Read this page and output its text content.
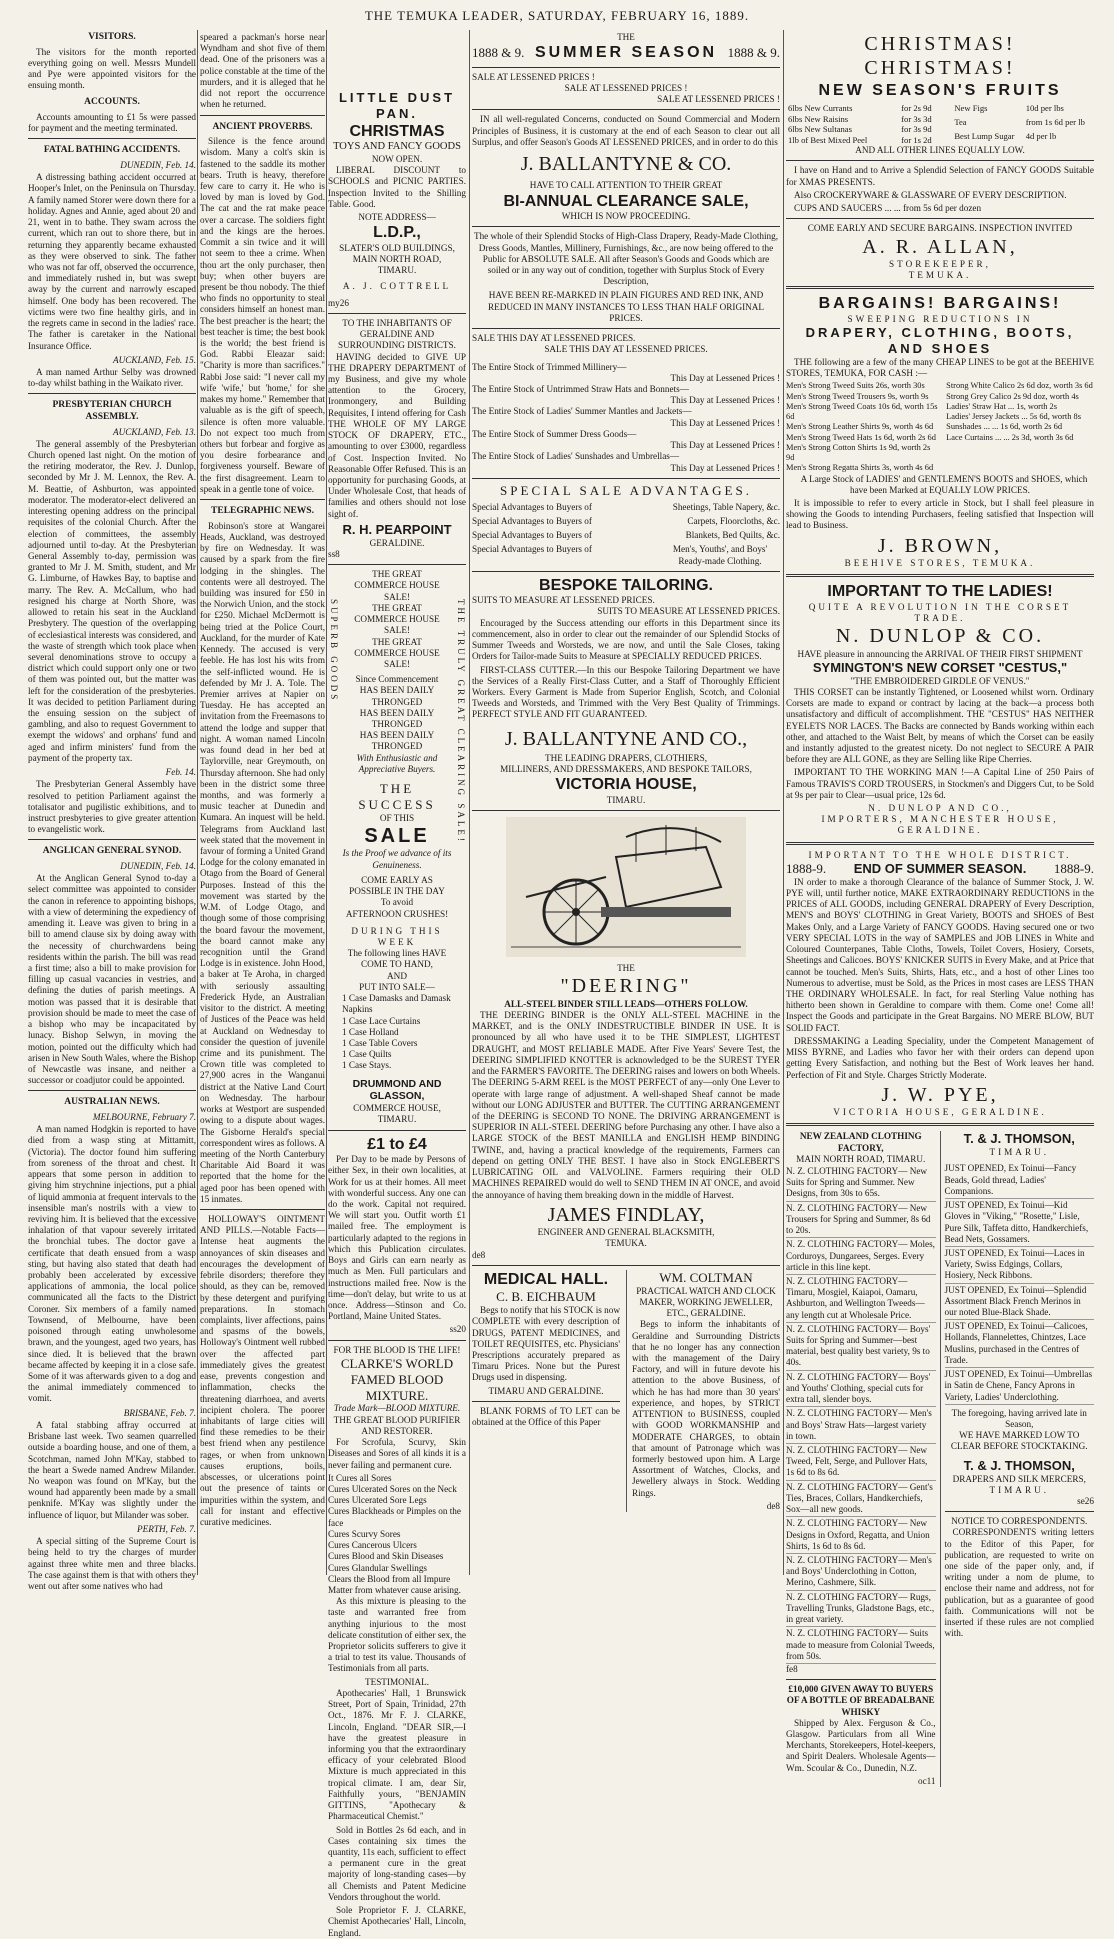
THE TEMUKA LEADER, SATURDAY, FEBRUARY 16, 1889.
VISITORS.

The visitors for the month reported everything going on well. Messrs Mundell and Pye were appointed visitors for the ensuing month.

ACCOUNTS.

Accounts amounting to £1 5s were passed for payment and the meeting terminated.

FATAL BATHING ACCIDENTS.
DUNEDIN, Feb. 14.

A distressing bathing accident occurred at Hooper's Inlet, on the Peninsula on Thursday. A family named Storer were down there for a holiday. Agnes and Annie, aged about 20 and 21, went in to bathe. They swam across the current, which ran out to shore there, but in returning they apparently became exhausted as they were observed to sink. The father who was not far off, observed the occurrence, and immediately rushed in, but was swept away by the current and narrowly escaped himself. One body has been recovered. The victims were two fine healthy girls, and in the regrets came in second in the ladies' race. The father is caretaker in the National Insurance Office.

AUCKLAND, Feb. 15.

A man named Arthur Selby was drowned to-day whilst bathing in the Waikato river.

PRESBYTERIAN CHURCH ASSEMBLY.
AUCKLAND, Feb. 13.

The general assembly of the Presbyterian Church opened last night. On the motion of the retiring moderator, the Rev. J. Dunlop, seconded by Mr J. M. Lennox, the Rev. A. M. Beattie, of Ashburton, was appointed moderator. The moderator-elect delivered an interesting opening address on the principal requisites of the colonial Church. After the election of committees, the assembly adjourned until to-day. At the Presbyterian General Assembly to-day, permission was granted to Mr J. M. Smith, student, and Mr G. Limburne, of Hawkes Bay, to baptise and marry. The Rev. A. McCallum, who had resigned his charge at North Shore, was allowed to retain his seat in the Auckland Presbytery. The question of the overlapping of ecclesiastical interests was considered, and the waste of strength which took place when several denominations strove to occupy a district which could support only one or two of them was pointed out, but the matter was left for the consideration of the presbyteries. It was decided to petition Parliament during the ensuing session on the subject of gambling, and also to request Government to exempt the widows' and orphans' fund and aged and infirm ministers' fund from the payment of the property tax.

Feb. 14.

The Presbyterian General Assembly have resolved to petition Parliament against the totalisator and pugilistic exhibitions, and to instruct presbyteries to give greater attention to evangelistic work.

ANGLICAN GENERAL SYNOD.
DUNEDIN, Feb. 14.

At the Anglican General Synod to-day a select committee was appointed to consider the canon in reference to appointing bishops, with a view of determining the expediency of amending it. Leave was given to bring in a bill to amend clause six by doing away with the necessity of churchwardens being residents within the parish. The bill was read a first time; also a bill to make provision for filling up casual vacancies in vestries, and defining the duties of parish meetings. A motion was passed that it is desirable that provision should be made to meet the case of a bishop who may be incapacitated by lunacy. Bishop Selwyn, in moving the motion, pointed out the difficulty which had arisen in New South Wales, where the Bishop of Newcastle was insane, and neither a successor or coadjutor could be appointed.

AUSTRALIAN NEWS.
MELBOURNE, February 7.

A man named Hodgkin is reported to have died from a wasp sting at Mittamitt, (Victoria). The doctor found him suffering from soreness of the throat and chest. It appears that some person in addition to giving him strychnine injections, put a phial of liquid ammonia at frequent intervals to the insensible man's nostrils with a view to reviving him. It is believed that the excessive inhalation of that vapour severely irritated the bronchial tubes. The doctor gave a certificate that death ensued from a wasp sting, but having also stated that death had probably been accelerated by excessive applications of ammonia, the local police communicated all the facts to the District Coroner. Six members of a family named Townsend, of Melbourne, have been poisoned through eating unwholesome brawn, and the youngest, aged two years, has since died. It is believed that the brawn became affected by keeping it in a close safe. Some of it was afterwards given to a dog and the animal immediately commenced to vomit.

BRISBANE, Feb. 7.

A fatal stabbing affray occurred at Brisbane last week. Two seamen quarrelled outside a boarding house, and one of them, a Scotchman, named John M'Kay, stabbed to the heart a Swede named Andrew Milander. No weapon was found on M'Kay, but the wound had apparently been made by a small penknife. M'Kay was slightly under the influence of liquor, but Milander was sober.

PERTH, Feb. 7.

A special sitting of the Supreme Court is being held to try the charges of murder against three white men and three blacks. The case against them is that with others they went out after some natives who had

speared a packman's horse near Wyndham and shot five of them dead. One of the prisoners was a police constable at the time of the murders, and it is alleged that he did not report the occurrence when he returned.

ANCIENT PROVERBS.

Silence is the fence around wisdom. Many a colt's skin is fastened to the saddle its mother bears. Truth is heavy, therefore few care to carry it. He who is loved by man is loved by God. The cat and the rat make peace over a carcase. The soldiers fight and the kings are the heroes. Commit a sin twice and it will not seem to thee a crime. When thou art the only purchaser, then buy; when other buyers are present be thou nobody. The thief who finds no opportunity to steal considers himself an honest man. The best preacher is the heart; the best teacher is time; the best book is the world; the best friend is God. Rabbi Eleazar said: "Charity is more than sacrifices." Rabbi Jose said: "I never call my wife 'wife,' but 'home,' for she makes my home." Remember that valuable as is the gift of speech, silence is often more valuable. Do not expect too much from others but forbear and forgive as you desire forbearance and forgiveness yourself. Beware of the first disagreement. Learn to speak in a gentle tone of voice.

TELEGRAPHIC NEWS.

Robinson's store at Wangarei Heads, Auckland, was destroyed by fire on Wednesday. It was caused by a spark from the fire lodging in the shingles. The contents were all destroyed. The building was insured for £50 in the Norwich Union, and the stock for £250. Michael McDermott is being tried at the Police Court, Auckland, for the murder of Kate Kennedy. The accused is very feeble. He has lost his wits from the self-inflicted wound. He is defended by Mr J. A. Tole. The Premier arrives at Napier on Tuesday. He has accepted an invitation from the Freemasons to attend the lodge and supper that night. A woman named Lincoln was found dead in her bed at Taylorville, near Greymouth, on Thursday afternoon. She had only been in the district some three months, and was formerly a music teacher at Dunedin and Kumara. An inquest will be held. Telegrams from Auckland last week stated that the movement in favour of forming a United Grand Lodge for the colony emanated in Otago from the Board of General Purposes. Instead of this the movement was started by the W.M. of Lodge Otago, and though some of those comprising the board favour the movement, the board cannot make any recognition until the Grand Lodge is in existence. John Hood, a baker at Te Aroha, in charged with seriously assaulting Frederick Hyde, an Australian visitor to the district. A meeting of Justices of the Peace was held at Auckland on Wednesday to consider the question of juvenile crime and its punishment. The Crown title was completed to 27,900 acres in the Wanganui district at the Native Land Court on Wednesday. The harbour works at Westport are suspended owing to a dispute about wages. The Gisborne Herald's special correspondent wires as follows. A meeting of the North Canterbury Charitable Aid Board it was reported that the home for the aged poor has been opened with 15 inmates.

HOLLOWAY'S OINTMENT AND PILLS.—Notable Facts—Intense heat augments the annoyances of skin diseases and encourages the development of febrile disorders; therefore they should, as they can be, removed by these detergent and purifying preparations. In stomach complaints, liver affections, pains and spasms of the bowels, Holloway's Ointment well rubbed over the affected part immediately gives the greatest ease, prevents congestion and inflammation, checks the threatening diarrhoea, and averts incipient cholera. The poorer inhabitants of large cities will find these remedies to be their best friend when any pestilence rages, or when from unknown causes eruptions, boils, abscesses, or ulcerations point out the presence of taints or impurities within the system, and call for instant and effective curative medicines.

LITTLE DUST PAN.
CHRISTMAS
TOYS AND FANCY GOODS
NOW OPEN.

LIBERAL DISCOUNT to SCHOOLS and PICNIC PARTIES. Inspection Invited to the Shilling Table. Good.

NOTE ADDRESS—
L.D.P.,
SLATER'S OLD BUILDINGS,
MAIN NORTH ROAD,
TIMARU.
A. J. COTTRELL
my26
TO THE INHABITANTS OF GERALDINE AND SURROUNDING DISTRICTS.

HAVING decided to GIVE UP THE DRAPERY DEPARTMENT of my Business, and give my whole attention to the Grocery, Ironmongery, and Building Requisites, I intend offering for Cash THE WHOLE OF MY LARGE STOCK OF DRAPERY, ETC., amounting to over £3000, regardless of Cost. Inspection Invited. No Reasonable Offer Refused. This is an opportunity for purchasing Goods, at Under Wholesale Cost, that heads of families and others should not lose sight of.

R. H. PEARPOINT
GERALDINE.
ss8
SUPERB GOODS	THE TRULY GREAT CLEARING SALE!
THE GREAT
COMMERCE HOUSE SALE!
THE GREAT
COMMERCE HOUSE SALE!
THE GREAT
COMMERCE HOUSE SALE!
Since Commencement
HAS BEEN DAILY THRONGED
HAS BEEN DAILY THRONGED
HAS BEEN DAILY THRONGED
With Enthusiastic and Appreciative Buyers.
THE SUCCESS
OF THIS
SALE
Is the Proof we advance of its Genuineness.
COME EARLY AS POSSIBLE IN THE DAY
To avoid
AFTERNOON CRUSHES!
DURING THIS WEEK
The following lines HAVE COME TO HAND,
AND
PUT INTO SALE—
1 Case Damasks and Damask Napkins
1 Case Lace Curtains
1 Case Holland
1 Case Table Covers
1 Case Quilts
1 Case Stays.
DRUMMOND AND GLASSON,
COMMERCE HOUSE,
TIMARU.
£1 to £4

Per Day to be made by Persons of either Sex, in their own localities, at Work for us at their homes. All meet with wonderful success. Any one can do the work. Capital not required. We will start you. Outfit worth £1 mailed free. The employment is particularly adapted to the regions in which this Publication circulates. Boys and Girls can earn nearly as much as Men. Full particulars and instructions mailed free. Now is the time—don't delay, but write to us at once. Address—Stinson and Co. Portland, Maine United States.

ss20
FOR THE BLOOD IS THE LIFE!
CLARKE'S WORLD FAMED BLOOD MIXTURE.
Trade Mark—BLOOD MIXTURE.
THE GREAT BLOOD PURIFIER AND RESTORER.

For Scrofula, Scurvy, Skin Diseases and Sores of all kinds it is a never failing and permanent cure.

It Cures all Sores
Cures Ulcerated Sores on the Neck
Cures Ulcerated Sore Legs
Cures Blackheads or Pimples on the face
Cures Scurvy Sores
Cures Cancerous Ulcers
Cures Blood and Skin Diseases
Cures Glandular Swellings
Clears the Blood from all Impure Matter from whatever cause arising.

As this mixture is pleasing to the taste and warranted free from anything injurious to the most delicate constitution of either sex, the Proprietor solicits sufferers to give it a trial to test its value. Thousands of Testimonials from all parts.

TESTIMONIAL.

Apothecaries' Hall, 1 Brunswick Street, Port of Spain, Trinidad, 27th Oct., 1876. Mr F. J. CLARKE, Lincoln, England. "DEAR SIR,—I have the greatest pleasure in informing you that the extraordinary efficacy of your celebrated Blood Mixture is much appreciated in this tropical climate. I am, dear Sir, Faithfully yours, "BENJAMIN GITTINS, "Apothecary & Pharmaceutical Chemist."

Sold in Bottles 2s 6d each, and in Cases containing six times the quantity, 11s each, sufficient to effect a permanent cure in the great majority of long-standing cases—by all Chemists and Patent Medicine Vendors throughout the world.

Sole Proprietor F. J. CLARKE, Chemist Apothecaries' Hall, Lincoln, England.

THE
1888 & 9. SUMMER SEASON 1888 & 9.
SALE AT LESSENED PRICES !
SALE AT LESSENED PRICES !
SALE AT LESSENED PRICES !

IN all well-regulated Concerns, conducted on Sound Commercial and Modern Principles of Business, it is customary at the end of each Season to clear out all Surplus, and offer Season's Goods AT LESSENED PRICES, and in order to do this

J. BALLANTYNE & CO.
HAVE TO CALL ATTENTION TO THEIR GREAT
BI-ANNUAL CLEARANCE SALE,
WHICH IS NOW PROCEEDING.

The whole of their Splendid Stocks of High-Class Drapery, Ready-Made Clothing, Dress Goods, Mantles, Millinery, Furnishings, &c., are now being offered to the Public for ABSOLUTE SALE. All after Season's Goods and Goods which are soiled or in any way out of condition, together with Surplus Stock of Every Description,

HAVE BEEN RE-MARKED IN PLAIN FIGURES AND RED INK, AND REDUCED IN MANY INSTANCES TO LESS THAN HALF ORIGINAL PRICES.
SALE THIS DAY AT LESSENED PRICES.
SALE THIS DAY AT LESSENED PRICES.
The Entire Stock of Trimmed Millinery—
This Day at Lessened Prices !
The Entire Stock of Untrimmed Straw Hats and Bonnets—
This Day at Lessened Prices !
The Entire Stock of Ladies' Summer Mantles and Jackets—
This Day at Lessened Prices !
The Entire Stock of Summer Dress Goods—
This Day at Lessened Prices !
The Entire Stock of Ladies' Sunshades and Umbrellas—
This Day at Lessened Prices !
SPECIAL SALE ADVANTAGES.
Special Advantages to Buyers of	Sheetings, Table Napery, &c.
Special Advantages to Buyers of	Carpets, Floorcloths, &c.
Special Advantages to Buyers of	Blankets, Bed Quilts, &c.
Special Advantages to Buyers of	Men's, Youths', and Boys' Ready-made Clothing.
BESPOKE TAILORING.
SUITS TO MEASURE AT LESSENED PRICES.
SUITS TO MEASURE AT LESSENED PRICES.

Encouraged by the Success attending our efforts in this Department since its commencement, also in order to clear out the remainder of our Splendid Stocks of Summer Tweeds and Worsteds, we are now, and until the Sale Closes, taking Orders for Tailor-made Suits to Measure at SPECIALLY REDUCED PRICES.

FIRST-CLASS CUTTER.—In this our Bespoke Tailoring Department we have the Services of a Really First-Class Cutter, and a Staff of Thoroughly Efficient Workers. Every Garment is Made from Superior English, Scotch, and Colonial Tweeds and Worsteds, and Trimmed with the Very Best Quality of Trimmings. PERFECT STYLE AND FIT GUARANTEED.

J. BALLANTYNE AND CO.,
THE LEADING DRAPERS, CLOTHIERS,
MILLINERS, AND DRESSMAKERS, AND BESPOKE TAILORS,
VICTORIA HOUSE,
TIMARU.
THE
"DEERING"
ALL-STEEL BINDER STILL LEADS—OTHERS FOLLOW.

THE DEERING BINDER is the ONLY ALL-STEEL MACHINE in the MARKET, and is the ONLY INDESTRUCTIBLE BINDER IN USE. It is pronounced by all who have used it to be THE SIMPLEST, LIGHTEST DRAUGHT, and MOST RELIABLE MADE. After Five Years' Severe Test, the DEERING SIMPLIFIED KNOTTER is acknowledged to be the SUREST TYER and the FARMER'S FAVORITE. The DEERING raises and lowers on both Wheels. The DEERING 5-ARM REEL is the MOST PERFECT of any—only One Lever to operate with large range of adjustment. A well-shaped Sheaf cannot be made without our LONG ADJUSTER and BUTTER. The CUTTING ARRANGEMENT of the DEERING is SECOND TO NONE. The DRIVING ARRANGEMENT is SUPERIOR IN ALL-STEEL DEERING before Purchasing any other. I have also a LARGE STOCK of the BEST MANILLA and ENGLISH HEMP BINDING TWINE, and, having a practical knowledge of the requirements, Farmers can depend on getting ONLY THE BEST. I have also in Stock ENGLEBERT'S LUBRICATING OIL and VALVOLINE. Farmers requiring their OLD MACHINES REPAIRED would do well to SEND THEM IN AT ONCE, and avoid the annoyance of having them breaking down in the middle of Harvest.

JAMES FINDLAY,
ENGINEER AND GENERAL BLACKSMITH,
TEMUKA.
de8
MEDICAL HALL.
C. B. EICHBAUM

Begs to notify that his STOCK is now COMPLETE with every description of DRUGS, PATENT MEDICINES, and TOILET REQUISITES, etc. Physicians' Prescriptions accurately prepared as Timaru Prices. None but the Purest Drugs used in dispensing.

TIMARU AND GERALDINE.

BLANK FORMS of TO LET can be obtained at the Office of this Paper

WM. COLTMAN
PRACTICAL WATCH AND CLOCK MAKER, WORKING JEWELLER, ETC., GERALDINE.

Begs to inform the inhabitants of Geraldine and Surrounding Districts that he no longer has any connection with the management of the Dairy Factory, and will in future devote his attention to the above Business, of which he has had more than 30 years' experience, and hopes, by STRICT ATTENTION to BUSINESS, coupled with GOOD WORKMANSHIP and MODERATE CHARGES, to obtain that amount of Patronage which was formerly bestowed upon him. A Large Assortment of Watches, Clocks, and Jewellery always in Stock. Wedding Rings.

de8
CHRISTMAS! CHRISTMAS!
NEW SEASON'S FRUITS
6lbs New Currants	for 2s 9d
6lbs New Raisins	for 3s 3d
6lbs New Sultanas	for 3s 9d
1lb of Best Mixed Peel	for 1s 2d
New Figs	10d per lbs
Tea	from 1s 6d per lb
Best Lump Sugar	4d per lb
AND ALL OTHER LINES EQUALLY LOW.

I have on Hand and to Arrive a Splendid Selection of FANCY GOODS Suitable for XMAS PRESENTS.

Also CROCKERYWARE & GLASSWARE OF EVERY DESCRIPTION.

CUPS AND SAUCERS ... ... from 5s 6d per dozen

COME EARLY AND SECURE BARGAINS. INSPECTION INVITED
A. R. ALLAN,
STOREKEEPER,
TEMUKA.
BARGAINS! BARGAINS!
SWEEPING REDUCTIONS IN
DRAPERY, CLOTHING, BOOTS, AND SHOES

THE following are a few of the many CHEAP LINES to be got at the BEEHIVE STORES, TEMUKA, FOR CASH :—

Men's Strong Tweed Suits 26s, worth 30s
Men's Strong Tweed Trousers 9s, worth 9s
Men's Strong Tweed Coats 10s 6d, worth 15s 6d
Men's Strong Leather Shirts 9s, worth 4s 6d
Men's Strong Tweed Hats 1s 6d, worth 2s 6d
Men's Strong Cotton Shirts 1s 9d, worth 2s 9d
Men's Strong Regatta Shirts 3s, worth 4s 6d
Strong White Calico 2s 6d doz, worth 3s 6d
Strong Grey Calico 2s 9d doz, worth 4s
Ladies' Straw Hat ... 1s, worth 2s
Ladies' Jersey Jackets ... 5s 6d, worth 8s
Sunshades ... ... 1s 6d, worth 2s 6d
Lace Curtains ... ... 2s 3d, worth 3s 6d

A Large Stock of LADIES' and GENTLEMEN'S BOOTS and SHOES, which have been Marked at EQUALLY LOW PRICES.

It is impossible to refer to every article in Stock, but I shall feel pleasure in showing the Goods to intending Purchasers, feeling satisfied that Inspection will lead to Business.

J. BROWN,
BEEHIVE STORES, TEMUKA.
IMPORTANT TO THE LADIES!
QUITE A REVOLUTION IN THE CORSET TRADE.
N. DUNLOP & CO.
HAVE pleasure in announcing the ARRIVAL OF THEIR FIRST SHIPMENT
SYMINGTON'S NEW CORSET "CESTUS,"
"THE EMBROIDERED GIRDLE OF VENUS."

THIS CORSET can be instantly Tightened, or Loosened whilst worn. Ordinary Corsets are made to expand or contract by lacing at the back—a process both unsatisfactory and difficult of accomplishment. THE "CESTUS" HAS NEITHER EYELETS NOR LACES. The Backs are connected by Bands working within each other, and attached to the Waist Belt, by means of which the Corset can be easily and instantly adjusted to the greatest nicety. Do not neglect to SECURE A PAIR before they are ALL GONE, as they are Selling like Ripe Cherries.

IMPORTANT TO THE WORKING MAN !—A Capital Line of 250 Pairs of Famous TRAVIS'S CORD TROUSERS, in Stockmen's and Diggers Cut, to be Sold at 9s per pair to Clear—usual price, 12s 6d.

N. DUNLOP AND CO.,
IMPORTERS, MANCHESTER HOUSE, GERALDINE.
IMPORTANT TO THE WHOLE DISTRICT.
1888-9. END OF SUMMER SEASON. 1888-9.

IN order to make a thorough Clearance of the balance of Summer Stock, J. W. PYE will, until further notice, MAKE EXTRAORDINARY REDUCTIONS in the PRICES of ALL GOODS, including GENERAL DRAPERY of Every Description, MEN'S and BOYS' CLOTHING in Great Variety, BOOTS and SHOES of Best Makes Only, and a Large Variety of FANCY GOODS. Having secured one or two VERY SPECIAL LOTS in the way of SAMPLES and JOB LINES in White and Coloured Counterpanes, Table Cloths, Towels, Toilet Covers, Hosiery, Corsets, Sheetings and Calicoes. BOYS' KNICKER SUITS in Every Make, and at Price that cannot be touched. Men's Suits, Shirts, Hats, etc., and a host of other Lines too Numerous to advertise, must be Sold, as the Prices in most cases are LESS THAN THE ORDINARY WHOLESALE. In fact, for real Sterling Value nothing has hitherto been shown in Geraldine to compare with them. Come one! Come all! Inspect the Goods and participate in the Great Bargains. NO MERE BLOW, BUT SOLID FACT.

DRESSMAKING a Leading Speciality, under the Competent Management of MISS BYRNE, and Ladies who favor her with their orders can depend upon getting Every Satisfaction, and nothing but the Best of Work leaves her hand. Perfection of Fit and Style. Charges Strictly Moderate.

J. W. PYE,
VICTORIA HOUSE, GERALDINE.
NEW ZEALAND CLOTHING FACTORY,
MAIN NORTH ROAD, TIMARU.
N. Z. CLOTHING FACTORY— New Suits for Spring and Summer. New Designs, from 30s to 65s.
N. Z. CLOTHING FACTORY— New Trousers for Spring and Summer, 8s 6d to 20s.
N. Z. CLOTHING FACTORY— Moles, Corduroys, Dungarees, Serges. Every article in this line kept.
N. Z. CLOTHING FACTORY— Timaru, Mosgiel, Kaiapoi, Oamaru, Ashburton, and Wellington Tweeds—any length cut at Wholesale Price.
N. Z. CLOTHING FACTORY— Boys' Suits for Spring and Summer—best material, best quality best variety, 9s to 40s.
N. Z. CLOTHING FACTORY— Boys' and Youths' Clothing, special cuts for extra tall, slender boys.
N. Z. CLOTHING FACTORY— Men's and Boys' Straw Hats—largest variety in town.
N. Z. CLOTHING FACTORY— New Tweed, Felt, Serge, and Pullover Hats, 1s 6d to 8s 6d.
N. Z. CLOTHING FACTORY— Gent's Ties, Braces, Collars, Handkerchiefs, Sox—all new goods.
N. Z. CLOTHING FACTORY— New Designs in Oxford, Regatta, and Union Shirts, 1s 6d to 8s 6d.
N. Z. CLOTHING FACTORY— Men's and Boys' Underclothing in Cotton, Merino, Cashmere, Silk.
N. Z. CLOTHING FACTORY— Rugs, Travelling Trunks, Gladstone Bags, etc., in great variety.
N. Z. CLOTHING FACTORY— Suits made to measure from Colonial Tweeds, from 50s.
fe8
£10,000 GIVEN AWAY TO BUYERS OF A BOTTLE OF BREADALBANE WHISKY

Shipped by Alex. Ferguson & Co., Glasgow. Particulars from all Wine Merchants, Storekeepers, Hotel-keepers, and Spirit Dealers. Wholesale Agents—Wm. Scoular & Co., Dunedin, N.Z.

oc11
T. & J. THOMSON,
TIMARU.
JUST OPENED, Ex Toinui—Fancy Beads, Gold thread, Ladies' Companions.
JUST OPENED, Ex Toinui—Kid Gloves in "Viking," "Rosette," Lisle, Pure Silk, Taffeta ditto, Handkerchiefs, Bead Nets, Gossamers.
JUST OPENED, Ex Toinui—Laces in Variety, Swiss Edgings, Collars, Hosiery, Neck Ribbons.
JUST OPENED, Ex Toinui—Splendid Assortment Black French Merinos in our noted Blue-Black Shade.
JUST OPENED, Ex Toinui—Calicoes, Hollands, Flannelettes, Chintzes, Lace Muslins, purchased in the Centres of Trade.
JUST OPENED, Ex Toinui—Umbrellas in Satin de Chene, Fancy Aprons in Variety, Ladies' Underclothing.
The foregoing, having arrived late in Season,
WE HAVE MARKED LOW TO CLEAR BEFORE STOCKTAKING.
T. & J. THOMSON,
DRAPERS AND SILK MERCERS,
TIMARU.
se26
NOTICE TO CORRESPONDENTS.

CORRESPONDENTS writing letters to the Editor of this Paper, for publication, are requested to write on one side of the paper only, and, if writing under a nom de plume, to enclose their name and address, not for publication, but as a guarantee of good faith. Communications will not be inserted if these rules are not complied with.
